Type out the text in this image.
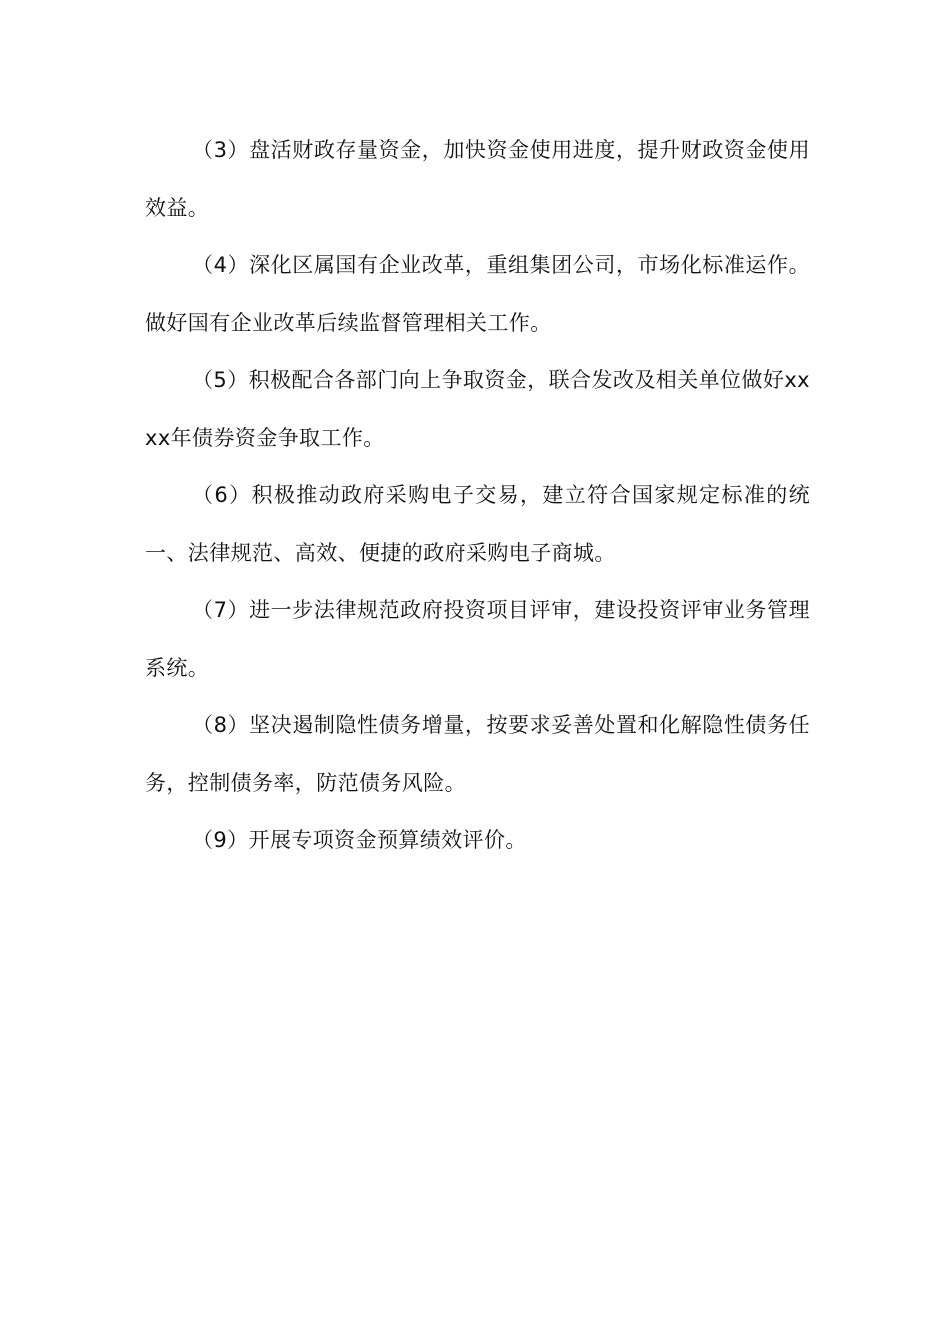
（3）盘活财政存量资金，加快资金使用进度，提升财政资金使用效益。

（4）深化区属国有企业改革，重组集团公司，市场化标准运作。做好国有企业改革后续监督管理相关工作。

（5）积极配合各部门向上争取资金，联合发改及相关单位做好xxxx年债券资金争取工作。

（6）积极推动政府采购电子交易，建立符合国家规定标准的统一、法律规范、高效、便捷的政府采购电子商城。

（7）进一步法律规范政府投资项目评审，建设投资评审业务管理系统。

（8）坚决遏制隐性债务增量，按要求妥善处置和化解隐性债务任务，控制债务率，防范债务风险。

（9）开展专项资金预算绩效评价。
